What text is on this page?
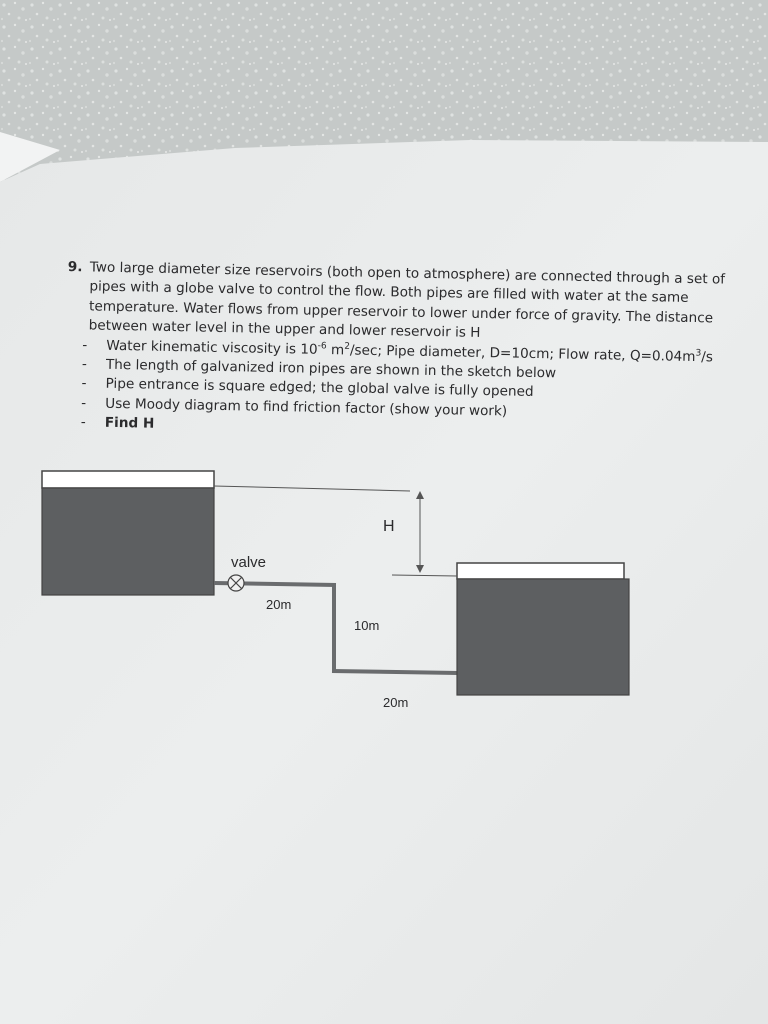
valve
H
20m
10m
20m
9. Two large diameter size reservoirs (both open to atmosphere) are connected through a set of pipes with a globe valve to control the flow. Both pipes are filled with water at the same temperature. Water flows from upper reservoir to lower under force of gravity. The distance between water level in the upper and lower reservoir is H
-	Water kinematic viscosity is $10^{-6}$ $m^2/\sec$; Pipe diameter, D=10cm; Flow rate, $Q=0.04m^3/s$
-	The length of galvanized iron pipes are shown in the sketch below
-	Pipe entrance is square edged; the global valve is fully opened
-	Use Moody diagram to find friction factor (show your work)
-	Find H
